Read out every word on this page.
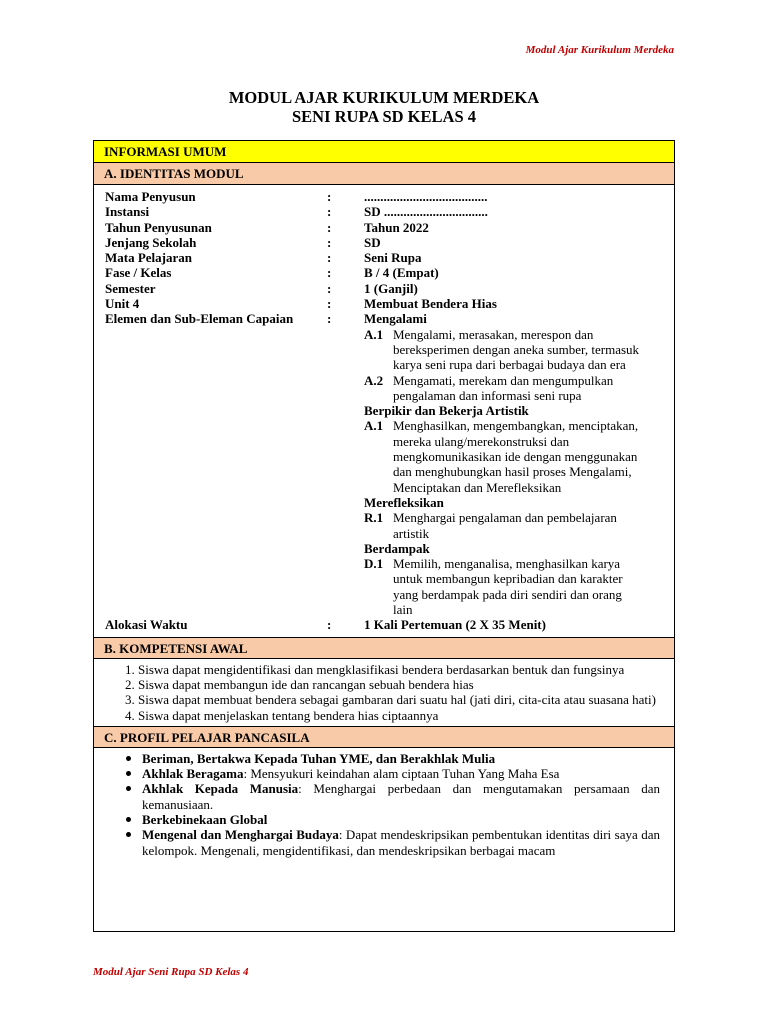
Modul Ajar Kurikulum Merdeka
MODUL AJAR KURIKULUM MERDEKA
SENI RUPA SD KELAS 4
INFORMASI UMUM
A. IDENTITAS MODUL
Nama Penyusun	:	......................................
Instansi	:	SD ................................
Tahun Penyusunan	:	Tahun 2022
Jenjang Sekolah	:	SD
Mata Pelajaran	:	Seni Rupa
Fase / Kelas	:	B / 4 (Empat)
Semester	:	1 (Ganjil)
Unit 4	:	Membuat Bendera Hias
Elemen dan Sub-Eleman Capaian	:	Mengalami
A.1 Mengalami, merasakan, merespon dan bereksperimen dengan aneka sumber, termasuk karya seni rupa dari berbagai budaya dan era
A.2 Mengamati, merekam dan mengumpulkan pengalaman dan informasi seni rupa
Berpikir dan Bekerja Artistik
A.1 Menghasilkan, mengembangkan, menciptakan, mereka ulang/merekonstruksi dan mengkomunikasikan ide dengan menggunakan dan menghubungkan hasil proses Mengalami, Menciptakan dan Merefleksikan
Merefleksikan
R.1 Menghargai pengalaman dan pembelajaran artistik
Berdampak
D.1 Memilih, menganalisa, menghasilkan karya untuk membangun kepribadian dan karakter yang berdampak pada diri sendiri dan orang lain
Alokasi Waktu	:	1 Kali Pertemuan (2 X 35 Menit)
B. KOMPETENSI AWAL
1. Siswa dapat mengidentifikasi dan mengklasifikasi bendera berdasarkan bentuk dan fungsinya
2. Siswa dapat membangun ide dan rancangan sebuah bendera hias
3. Siswa dapat membuat bendera sebagai gambaran dari suatu hal (jati diri, cita-cita atau suasana hati)
4. Siswa dapat menjelaskan tentang bendera hias ciptaannya
C. PROFIL PELAJAR PANCASILA
Beriman, Bertakwa Kepada Tuhan YME, dan Berakhlak Mulia
Akhlak Beragama: Mensyukuri keindahan alam ciptaan Tuhan Yang Maha Esa
Akhlak Kepada Manusia: Menghargai perbedaan dan mengutamakan persamaan dan kemanusiaan.
Berkebinekaan Global
Mengenal dan Menghargai Budaya: Dapat mendeskripsikan pembentukan identitas diri saya dan kelompok. Mengenali, mengidentifikasi, dan mendeskripsikan berbagai macam
Modul Ajar Seni Rupa SD Kelas 4
